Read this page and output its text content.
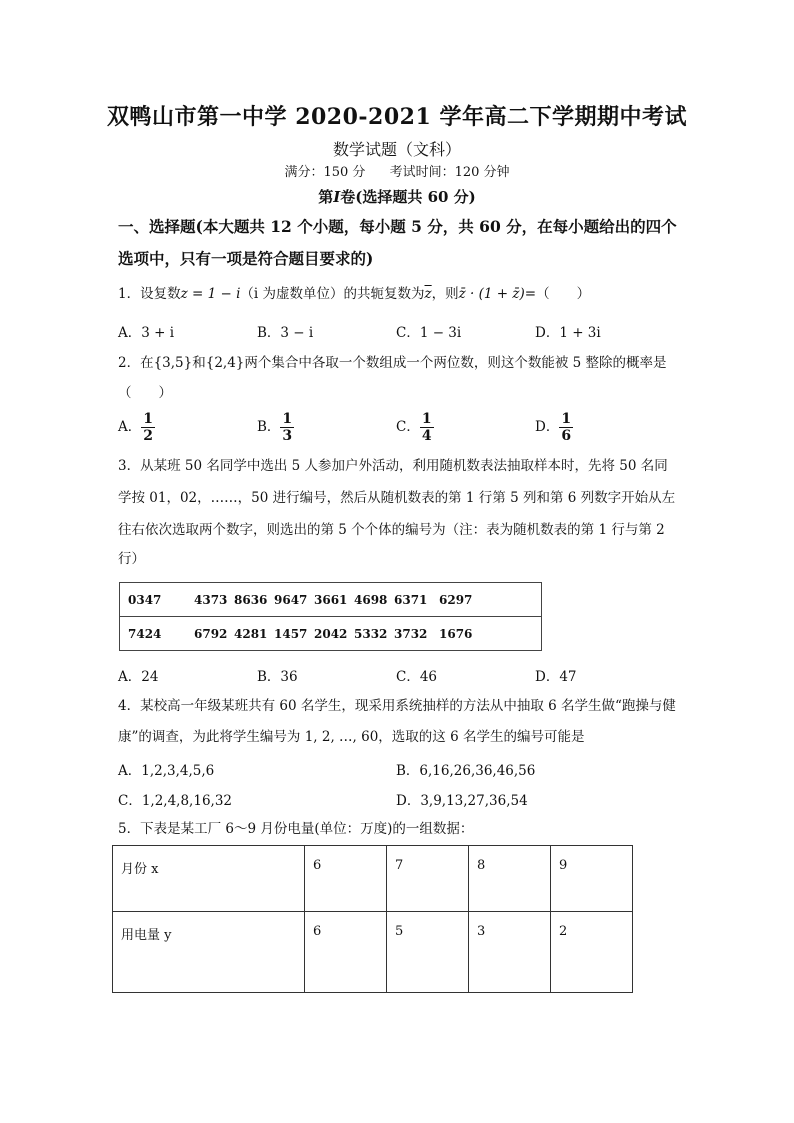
双鸭山市第一中学 2020-2021 学年高二下学期期中考试
数学试题（文科）
满分：150 分 考试时间：120 分钟
第I卷(选择题共 60 分)
一、选择题(本大题共 12 个小题，每小题 5 分，共 60 分，在每小题给出的四个
选项中，只有一项是符合题目要求的)
1．设复数z = 1 − i（i 为虚数单位）的共轭复数为$\overline{z}$，则z̄ · (1 + z̄)=（　　）
A．3 + i	B．3 − i	C．1 − 3i	D．1 + 3i
2．在{3,5}和{2,4}两个集合中各取一个数组成一个两位数，则这个数能被 5 整除的概率是
（　　）
A． $\frac{1}{2}$	B． $\frac{1}{3}$	C． $\frac{1}{4}$	D． $\frac{1}{6}$
3．从某班 50 名同学中选出 5 人参加户外活动，利用随机数表法抽取样本时，先将 50 名同
学按 01，02，……，50 进行编号，然后从随机数表的第 1 行第 5 列和第 6 列数字开始从左
往右依次选取两个数字，则选出的第 5 个个体的编号为（注：表为随机数表的第 1 行与第 2
行）
0347	4373	8636	9647	3661	4698	6371	6297
7424	6792	4281	1457	2042	5332	3732	1676
A．24	B．36	C．46	D．47
4．某校高一年级某班共有 60 名学生，现采用系统抽样的方法从中抽取 6 名学生做“跑操与健
康”的调查，为此将学生编号为 1, 2, …, 60，选取的这 6 名学生的编号可能是
A．1,2,3,4,5,6	B．6,16,26,36,46,56
C．1,2,4,8,16,32	D．3,9,13,27,36,54
5．下表是某工厂 6～9 月份电量(单位：万度)的一组数据：
月份 x	6	7	8	9
用电量 y	6	5	3	2
